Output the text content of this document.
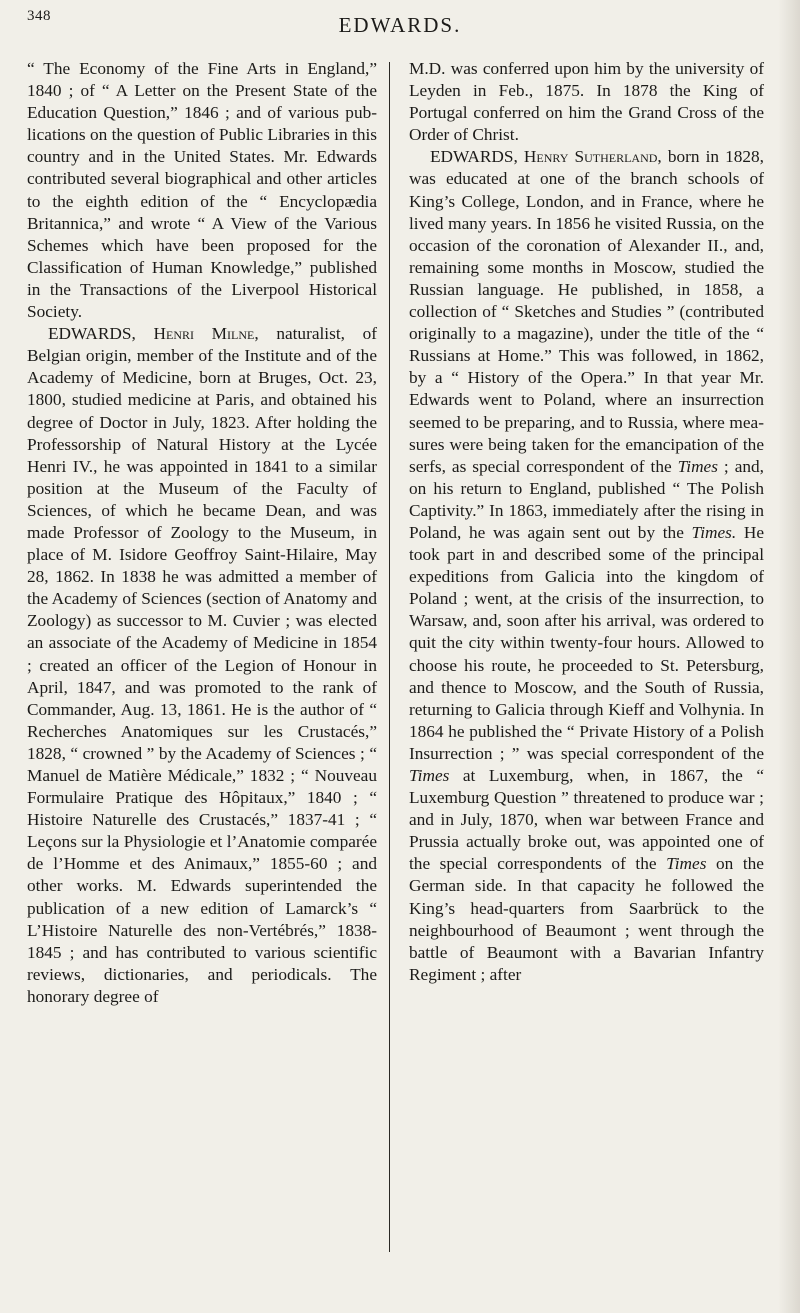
348	EDWARDS.

“ The Economy of the Fine Arts in England,” 1840 ; of “ A Letter on the Present State of the Education Question,” 1846 ; and of various publications on the question of Public Libraries in this country and in the United States. Mr. Edwards contributed several biographical and other articles to the eighth edition of the “ Encyclopædia Britannica,” and wrote “ A View of the Various Schemes which have been proposed for the Classification of Human Knowledge,” published in the Transactions of the Liverpool Historical Society.

EDWARDS, Henri Milne, naturalist, of Belgian origin, member of the Institute and of the Academy of Medicine, born at Bruges, Oct. 23, 1800, studied medicine at Paris, and obtained his degree of Doctor in July, 1823. After holding the Professorship of Natural History at the Lycée Henri IV., he was appointed in 1841 to a similar position at the Museum of the Faculty of Sciences, of which he became Dean, and was made Professor of Zoology to the Museum, in place of M. Isidore Geoffroy Saint-Hilaire, May 28, 1862. In 1838 he was admitted a member of the Academy of Sciences (section of Anatomy and Zoology) as successor to M. Cuvier ; was elected an associate of the Academy of Medicine in 1854 ; created an officer of the Legion of Honour in April, 1847, and was promoted to the rank of Commander, Aug. 13, 1861. He is the author of “ Recherches Anatomiques sur les Crustacés,” 1828, “ crowned ” by the Academy of Sciences ; “ Manuel de Matière Médicale,” 1832 ; “ Nouveau Formulaire Pratique des Hôpitaux,” 1840 ; “ Histoire Naturelle des Crustacés,” 1837-41 ; “ Leçons sur la Physiologie et l’Anatomie comparée de l’Homme et des Animaux,” 1855-60 ; and other works. M. Edwards superintended the publication of a new edition of Lamarck’s “ L’Histoire Naturelle des non-Vertébrés,” 1838-1845 ; and has contributed to various scientific reviews, dictionaries, and periodicals. The honorary degree of

M.D. was conferred upon him by the university of Leyden in Feb., 1875. In 1878 the King of Portugal conferred on him the Grand Cross of the Order of Christ.

EDWARDS, Henry Sutherland, born in 1828, was educated at one of the branch schools of King’s College, London, and in France, where he lived many years. In 1856 he visited Russia, on the occasion of the coronation of Alexander II., and, remaining some months in Moscow, studied the Russian language. He published, in 1858, a collection of “ Sketches and Studies ” (contributed originally to a magazine), under the title of the “ Russians at Home.” This was followed, in 1862, by a “ History of the Opera.” In that year Mr. Edwards went to Poland, where an insurrection seemed to be preparing, and to Russia, where measures were being taken for the emancipation of the serfs, as special correspondent of the Times ; and, on his return to England, published “ The Polish Captivity.” In 1863, immediately after the rising in Poland, he was again sent out by the Times. He took part in and described some of the principal expeditions from Galicia into the kingdom of Poland ; went, at the crisis of the insurrection, to Warsaw, and, soon after his arrival, was ordered to quit the city within twenty-four hours. Allowed to choose his route, he proceeded to St. Petersburg, and thence to Moscow, and the South of Russia, returning to Galicia through Kieff and Volhynia. In 1864 he published the “ Private History of a Polish Insurrection ; ” was special correspondent of the Times at Luxemburg, when, in 1867, the “ Luxemburg Question ” threatened to produce war ; and in July, 1870, when war between France and Prussia actually broke out, was appointed one of the special correspondents of the Times on the German side. In that capacity he followed the King’s head-quarters from Saarbrück to the neighbourhood of Beaumont ; went through the battle of Beaumont with a Bavarian Infantry Regiment ; after
